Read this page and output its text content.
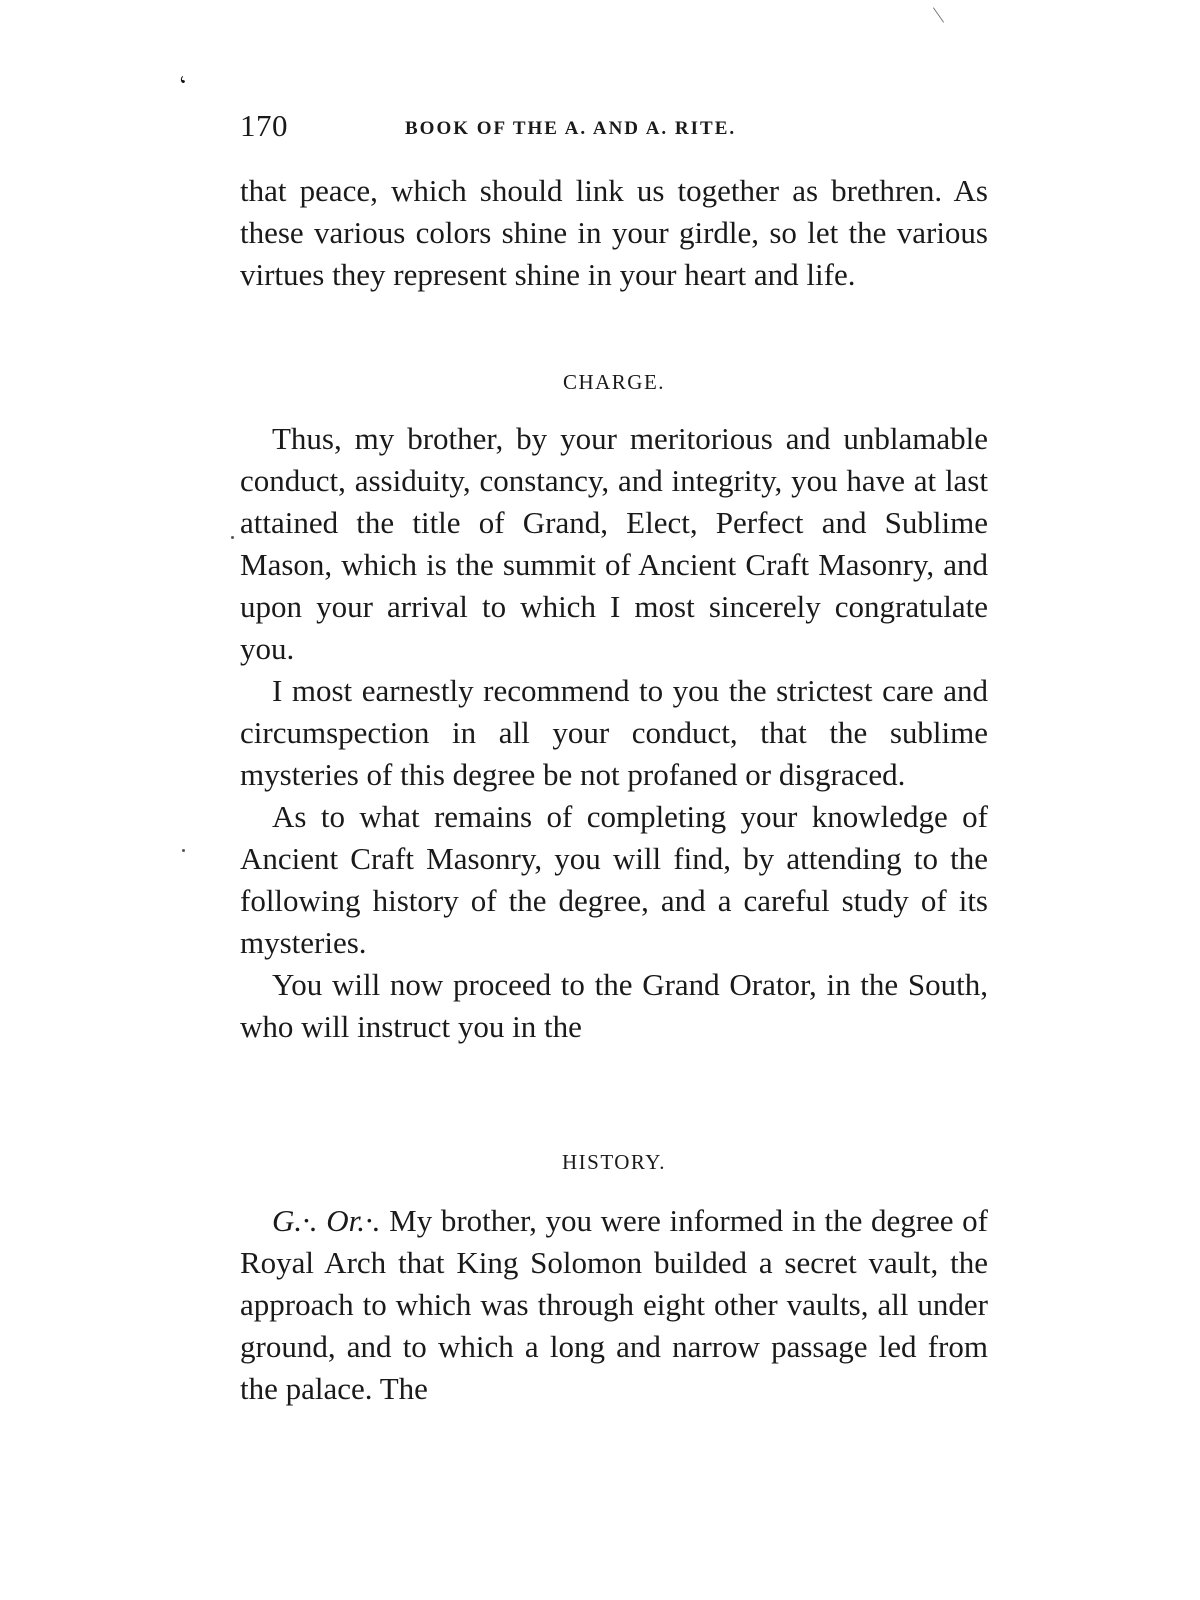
‘
170	BOOK OF THE A. AND A. RITE.

that peace, which should link us together as brethren. As these various colors shine in your girdle, so let the various virtues they represent shine in your heart and life.

CHARGE.

Thus, my brother, by your meritorious and unblamable conduct, assiduity, constancy, and integrity, you have at last attained the title of Grand, Elect, Perfect and Sublime Mason, which is the summit of Ancient Craft Masonry, and upon your arrival to which I most sincerely congratulate you.

I most earnestly recommend to you the strictest care and circumspection in all your conduct, that the sublime mysteries of this degree be not profaned or disgraced.

As to what remains of completing your knowledge of Ancient Craft Masonry, you will find, by attending to the following history of the degree, and a careful study of its mysteries.

You will now proceed to the Grand Orator, in the South, who will instruct you in the

HISTORY.

G.·. Or.·. My brother, you were informed in the degree of Royal Arch that King Solomon builded a secret vault, the approach to which was through eight other vaults, all under ground, and to which a long and narrow passage led from the palace. The
